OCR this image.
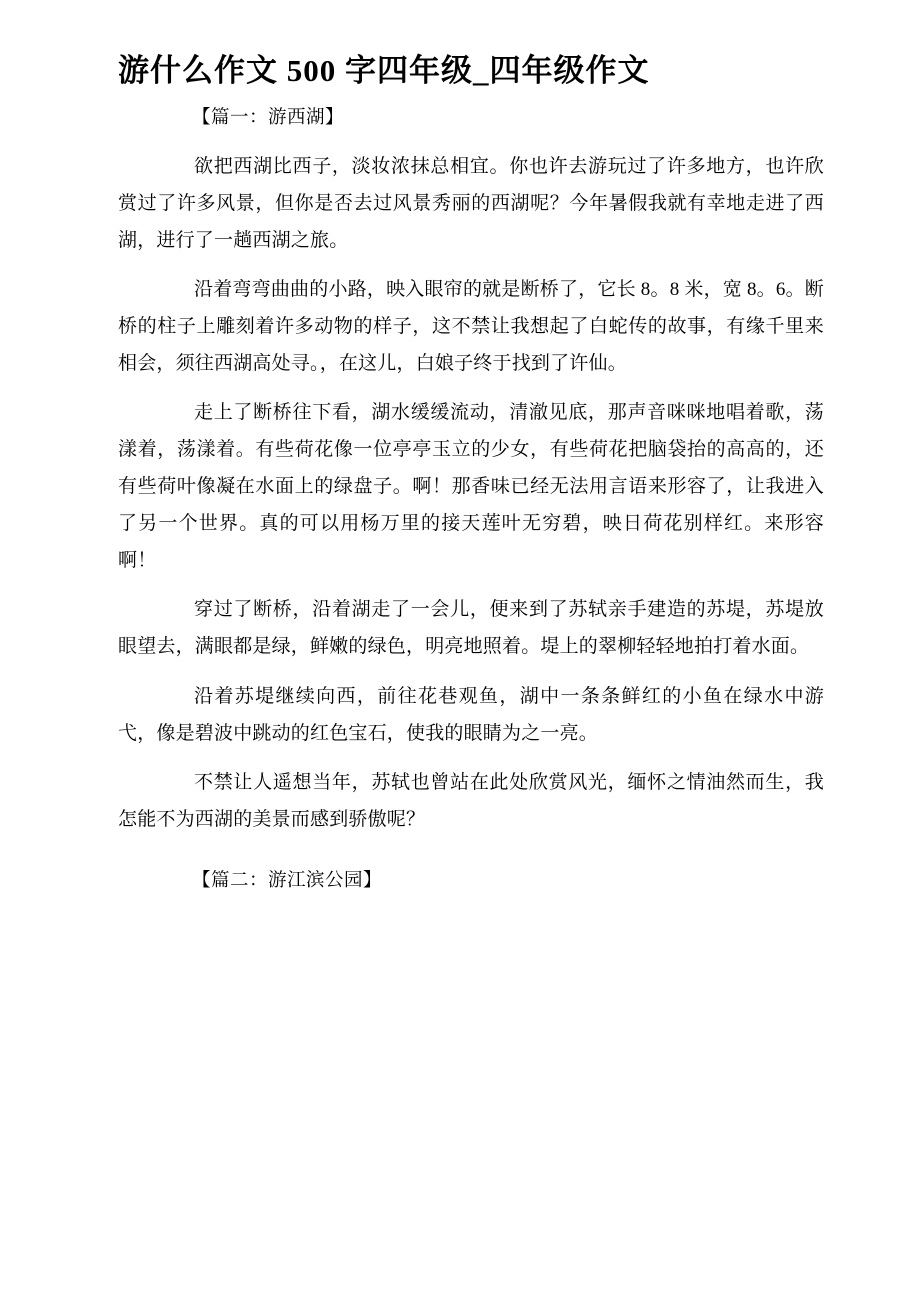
游什么作文 500 字四年级_四年级作文
【篇一：游西湖】

欲把西湖比西子，淡妆浓抹总相宜。你也许去游玩过了许多地方，也许欣赏过了许多风景，但你是否去过风景秀丽的西湖呢？今年暑假我就有幸地走进了西湖，进行了一趟西湖之旅。

沿着弯弯曲曲的小路，映入眼帘的就是断桥了，它长 8。8 米，宽 8。6。断桥的柱子上雕刻着许多动物的样子，这不禁让我想起了白蛇传的故事，有缘千里来相会，须往西湖高处寻。，在这儿，白娘子终于找到了许仙。

走上了断桥往下看，湖水缓缓流动，清澈见底，那声音咪咪地唱着歌，荡漾着，荡漾着。有些荷花像一位亭亭玉立的少女，有些荷花把脑袋抬的高高的，还有些荷叶像凝在水面上的绿盘子。啊！那香味已经无法用言语来形容了，让我进入了另一个世界。真的可以用杨万里的接天莲叶无穷碧，映日荷花别样红。来形容啊！

穿过了断桥，沿着湖走了一会儿，便来到了苏轼亲手建造的苏堤，苏堤放眼望去，满眼都是绿，鲜嫩的绿色，明亮地照着。堤上的翠柳轻轻地拍打着水面。

沿着苏堤继续向西，前往花巷观鱼，湖中一条条鲜红的小鱼在绿水中游弋，像是碧波中跳动的红色宝石，使我的眼睛为之一亮。

不禁让人遥想当年，苏轼也曾站在此处欣赏风光，缅怀之情油然而生，我怎能不为西湖的美景而感到骄傲呢？

【篇二：游江滨公园】
